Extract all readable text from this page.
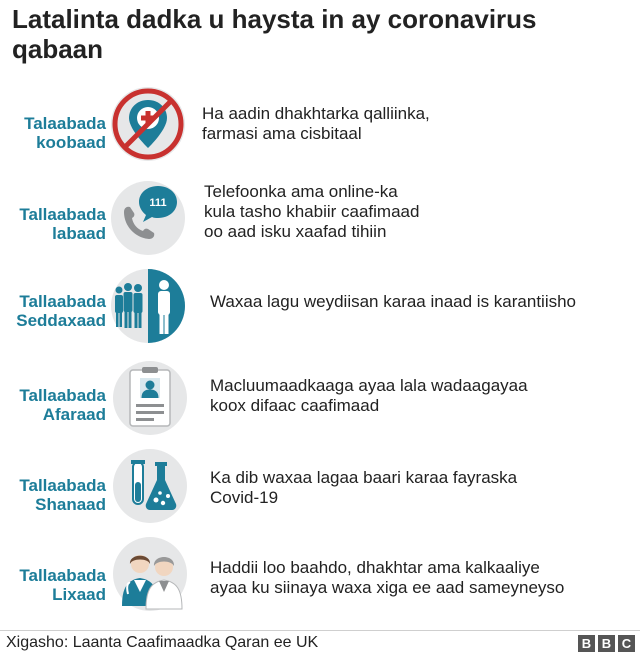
Latalinta dadka u haysta in ay coronavirus qabaan
Talaabada
koobaad
Ha aadin dhakhtarka qalliinka,
farmasi ama cisbitaal
Tallaabada
labaad
111
Telefoonka ama online-ka
kula tasho khabiir caafimaad
oo aad isku xaafad tihiin
Tallaabada
Seddaxaad
Waxaa lagu weydiisan karaa inaad is karantiisho
Tallaabada
Afaraad
Macluumaadkaaga ayaa lala wadaagayaa
koox difaac caafimaad
Tallaabada
Shanaad
Ka dib waxaa lagaa baari karaa fayraska
Covid-19
Tallaabada
Lixaad
Haddii loo baahdo, dhakhtar ama kalkaaliye
ayaa ku siinaya waxa xiga ee aad sameyneyso
Xigasho: Laanta Caafimaadka Qaran ee UK	B B C
